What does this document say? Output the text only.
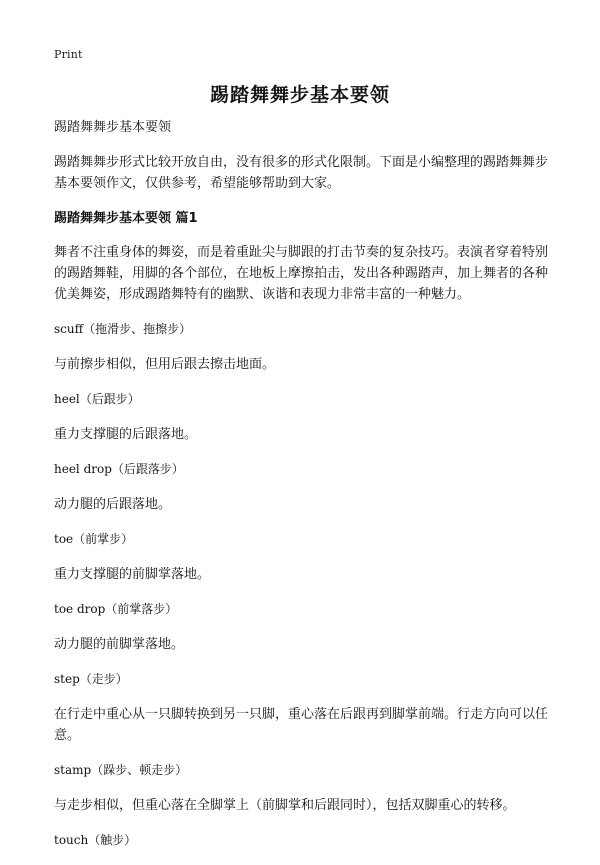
Print
踢踏舞舞步基本要领

踢踏舞舞步基本要领

踢踏舞舞步形式比较开放自由，没有很多的形式化限制。下面是小编整理的踢踏舞舞步基本要领作文，仅供参考，希望能够帮助到大家。

踢踏舞舞步基本要领 篇1

舞者不注重身体的舞姿，而是着重趾尖与脚跟的打击节奏的复杂技巧。表演者穿着特别的踢踏舞鞋，用脚的各个部位，在地板上摩擦拍击，发出各种踢踏声，加上舞者的各种优美舞姿，形成踢踏舞特有的幽默、诙谐和表现力非常丰富的一种魅力。

scuff（拖滑步、拖擦步）

与前擦步相似，但用后跟去擦击地面。

heel（后跟步）

重力支撑腿的后跟落地。

heel drop（后跟落步）

动力腿的后跟落地。

toe（前掌步）

重力支撑腿的前脚掌落地。

toe drop（前掌落步）

动力腿的前脚掌落地。

step（走步）

在行走中重心从一只脚转换到另一只脚，重心落在后跟再到脚掌前端。行走方向可以任意。

stamp（跺步、顿走步）

与走步相似，但重心落在全脚掌上（前脚掌和后跟同时），包括双脚重心的转移。

touch（触步）
